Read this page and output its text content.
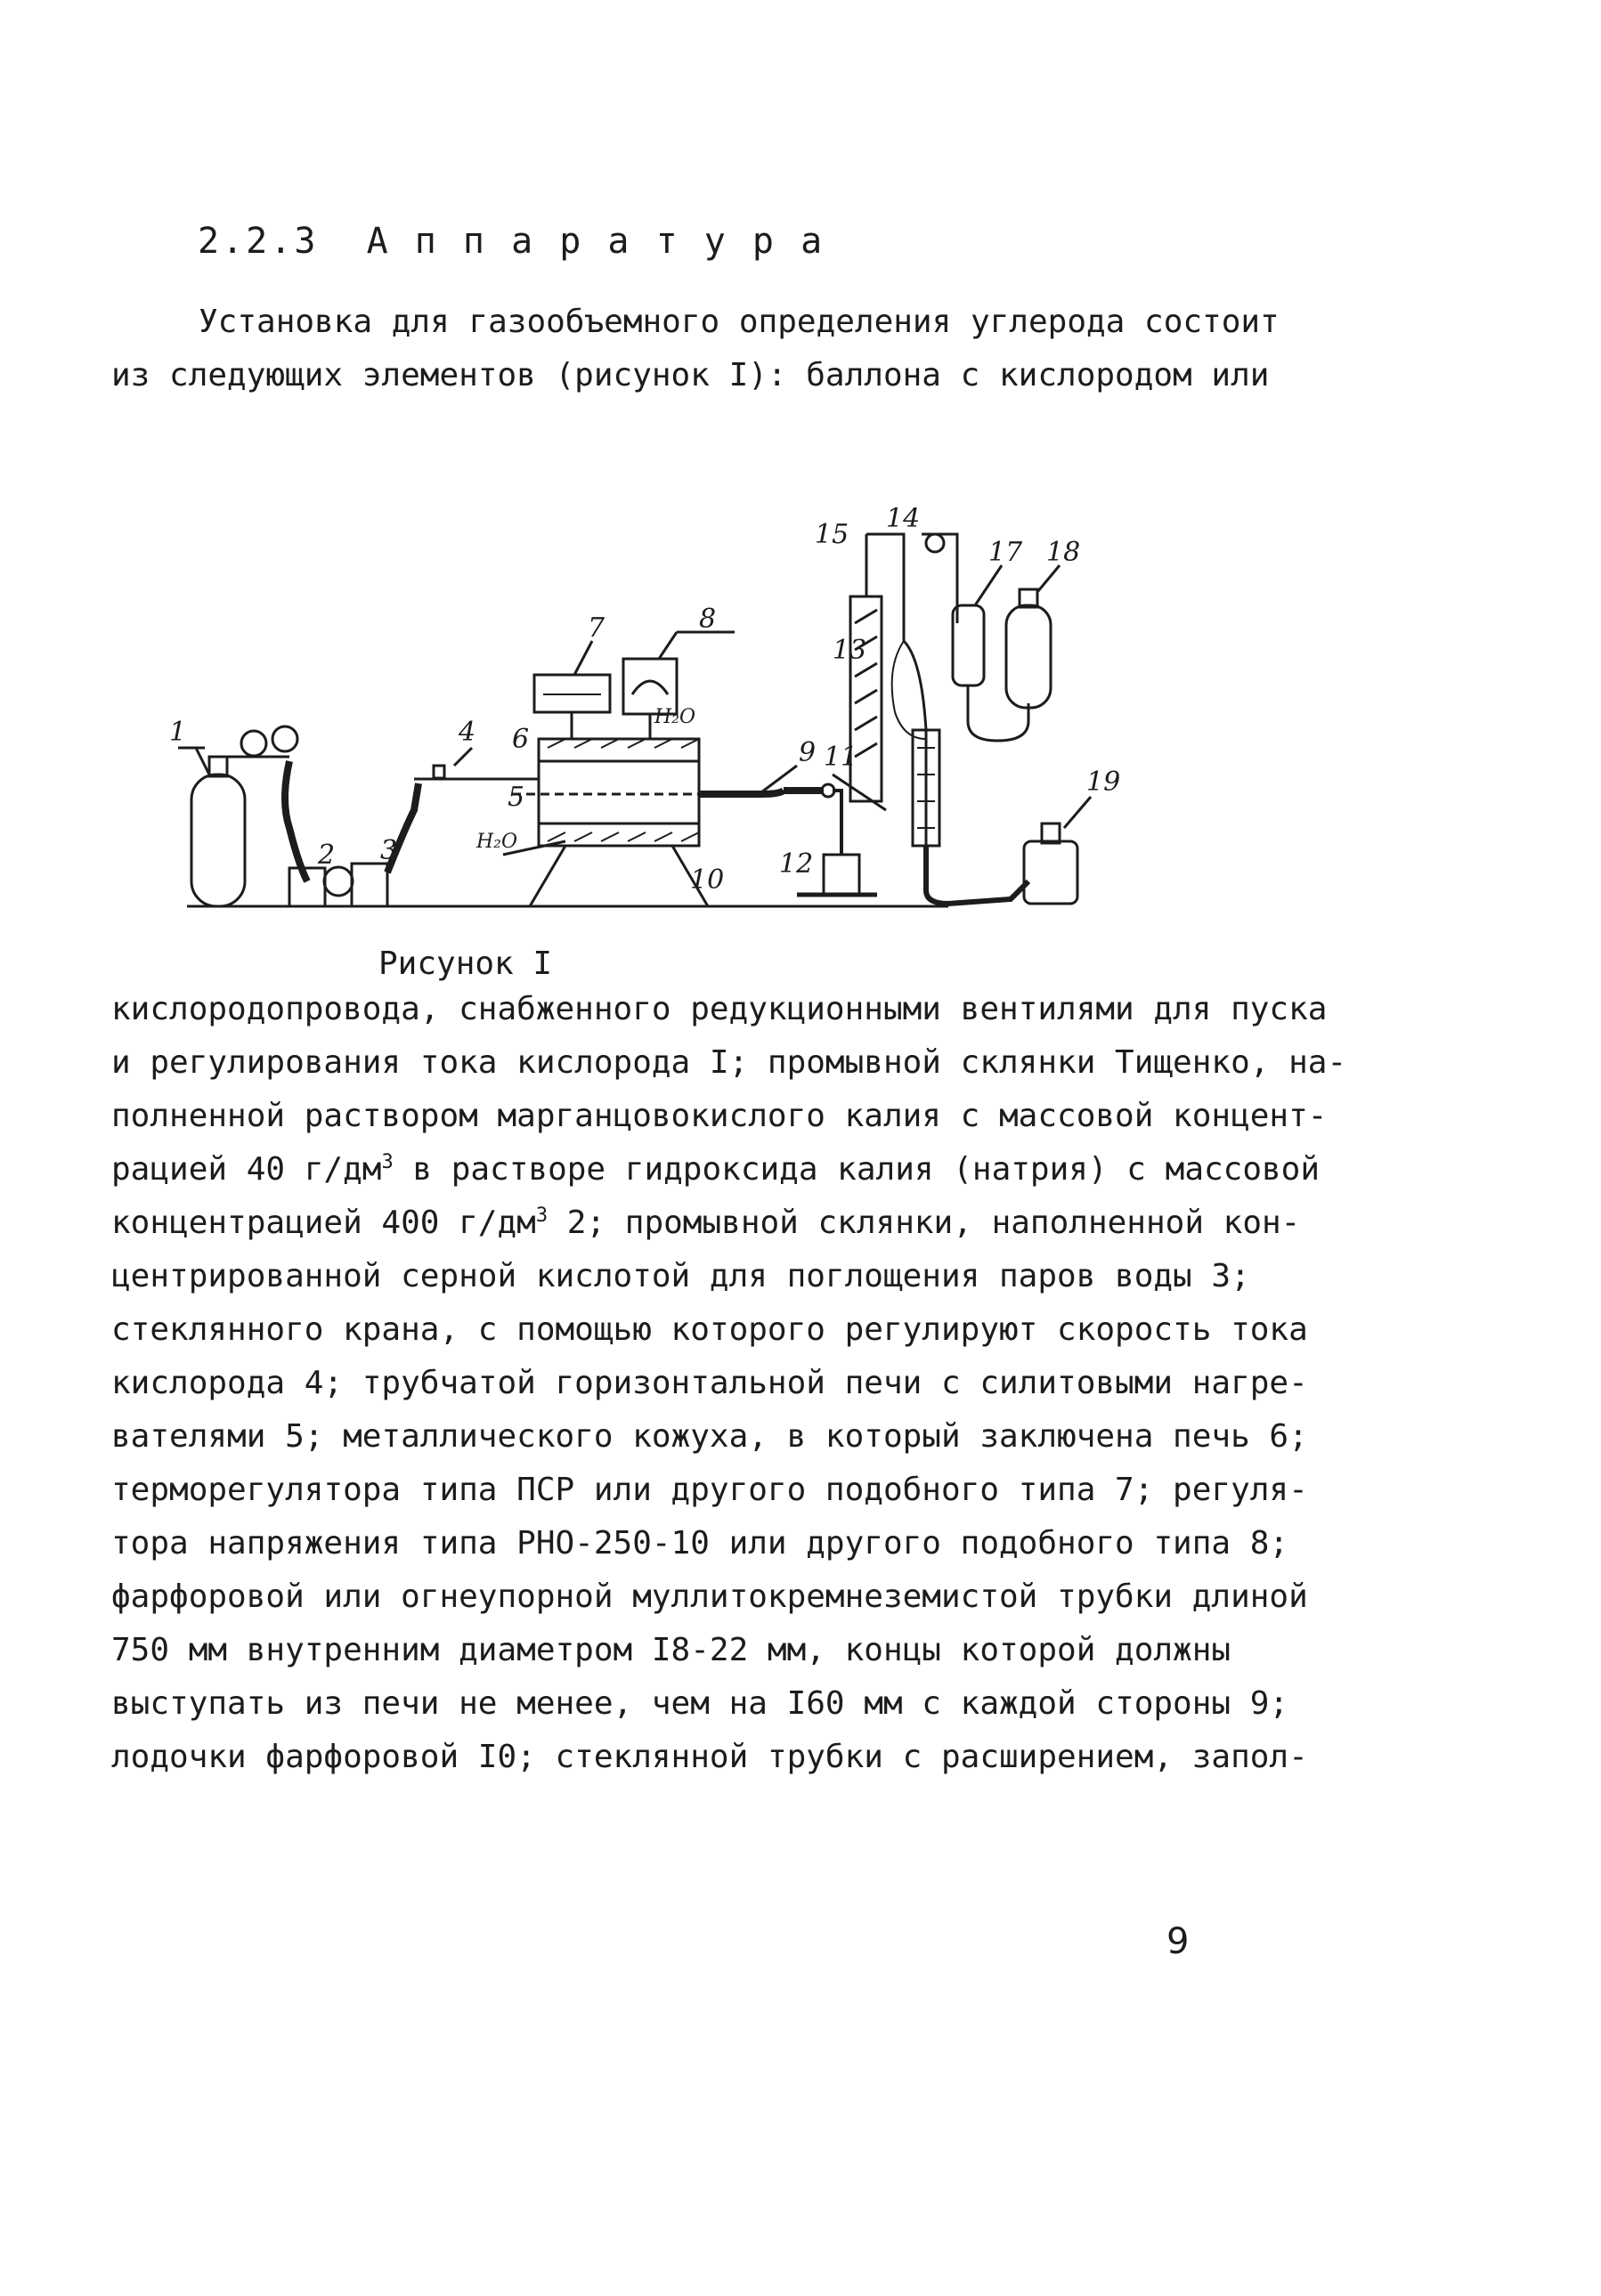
2.2.3 А п п а р а т у р а
Установка для газообъемного определения углерода состоит
из следующих элементов (рисунок I): баллона с кислородом или
1
2 3
4
5
6
7	8
9
10
11
12
13
14
15
17 18
19
H₂O
H₂O
Рисунок I
кислородопровода, снабженного редукционными вентилями для пуска
и регулирования тока кислорода I; промывной склянки Тищенко, на-
полненной раствором марганцовокислого калия с массовой концент-
рацией 40 $г/дм^3$ в растворе гидроксида калия (натрия) с массовой
концентрацией 400 $г/дм^3$ 2; промывной склянки, наполненной кон-
центрированной серной кислотой для поглощения паров воды 3;
стеклянного крана, с помощью которого регулируют скорость тока
кислорода 4; трубчатой горизонтальной печи с силитовыми нагре-
вателями 5; металлического кожуха, в который заключена печь 6;
терморегулятора типа ПСР или другого подобного типа 7; регуля-
тора напряжения типа РНО-250-10 или другого подобного типа 8;
фарфоровой или огнеупорной муллитокремнеземистой трубки длиной
750 мм внутренним диаметром I8-22 мм, концы которой должны
выступать из печи не менее, чем на I60 мм с каждой стороны 9;
лодочки фарфоровой I0; стеклянной трубки с расширением, запол-
9
